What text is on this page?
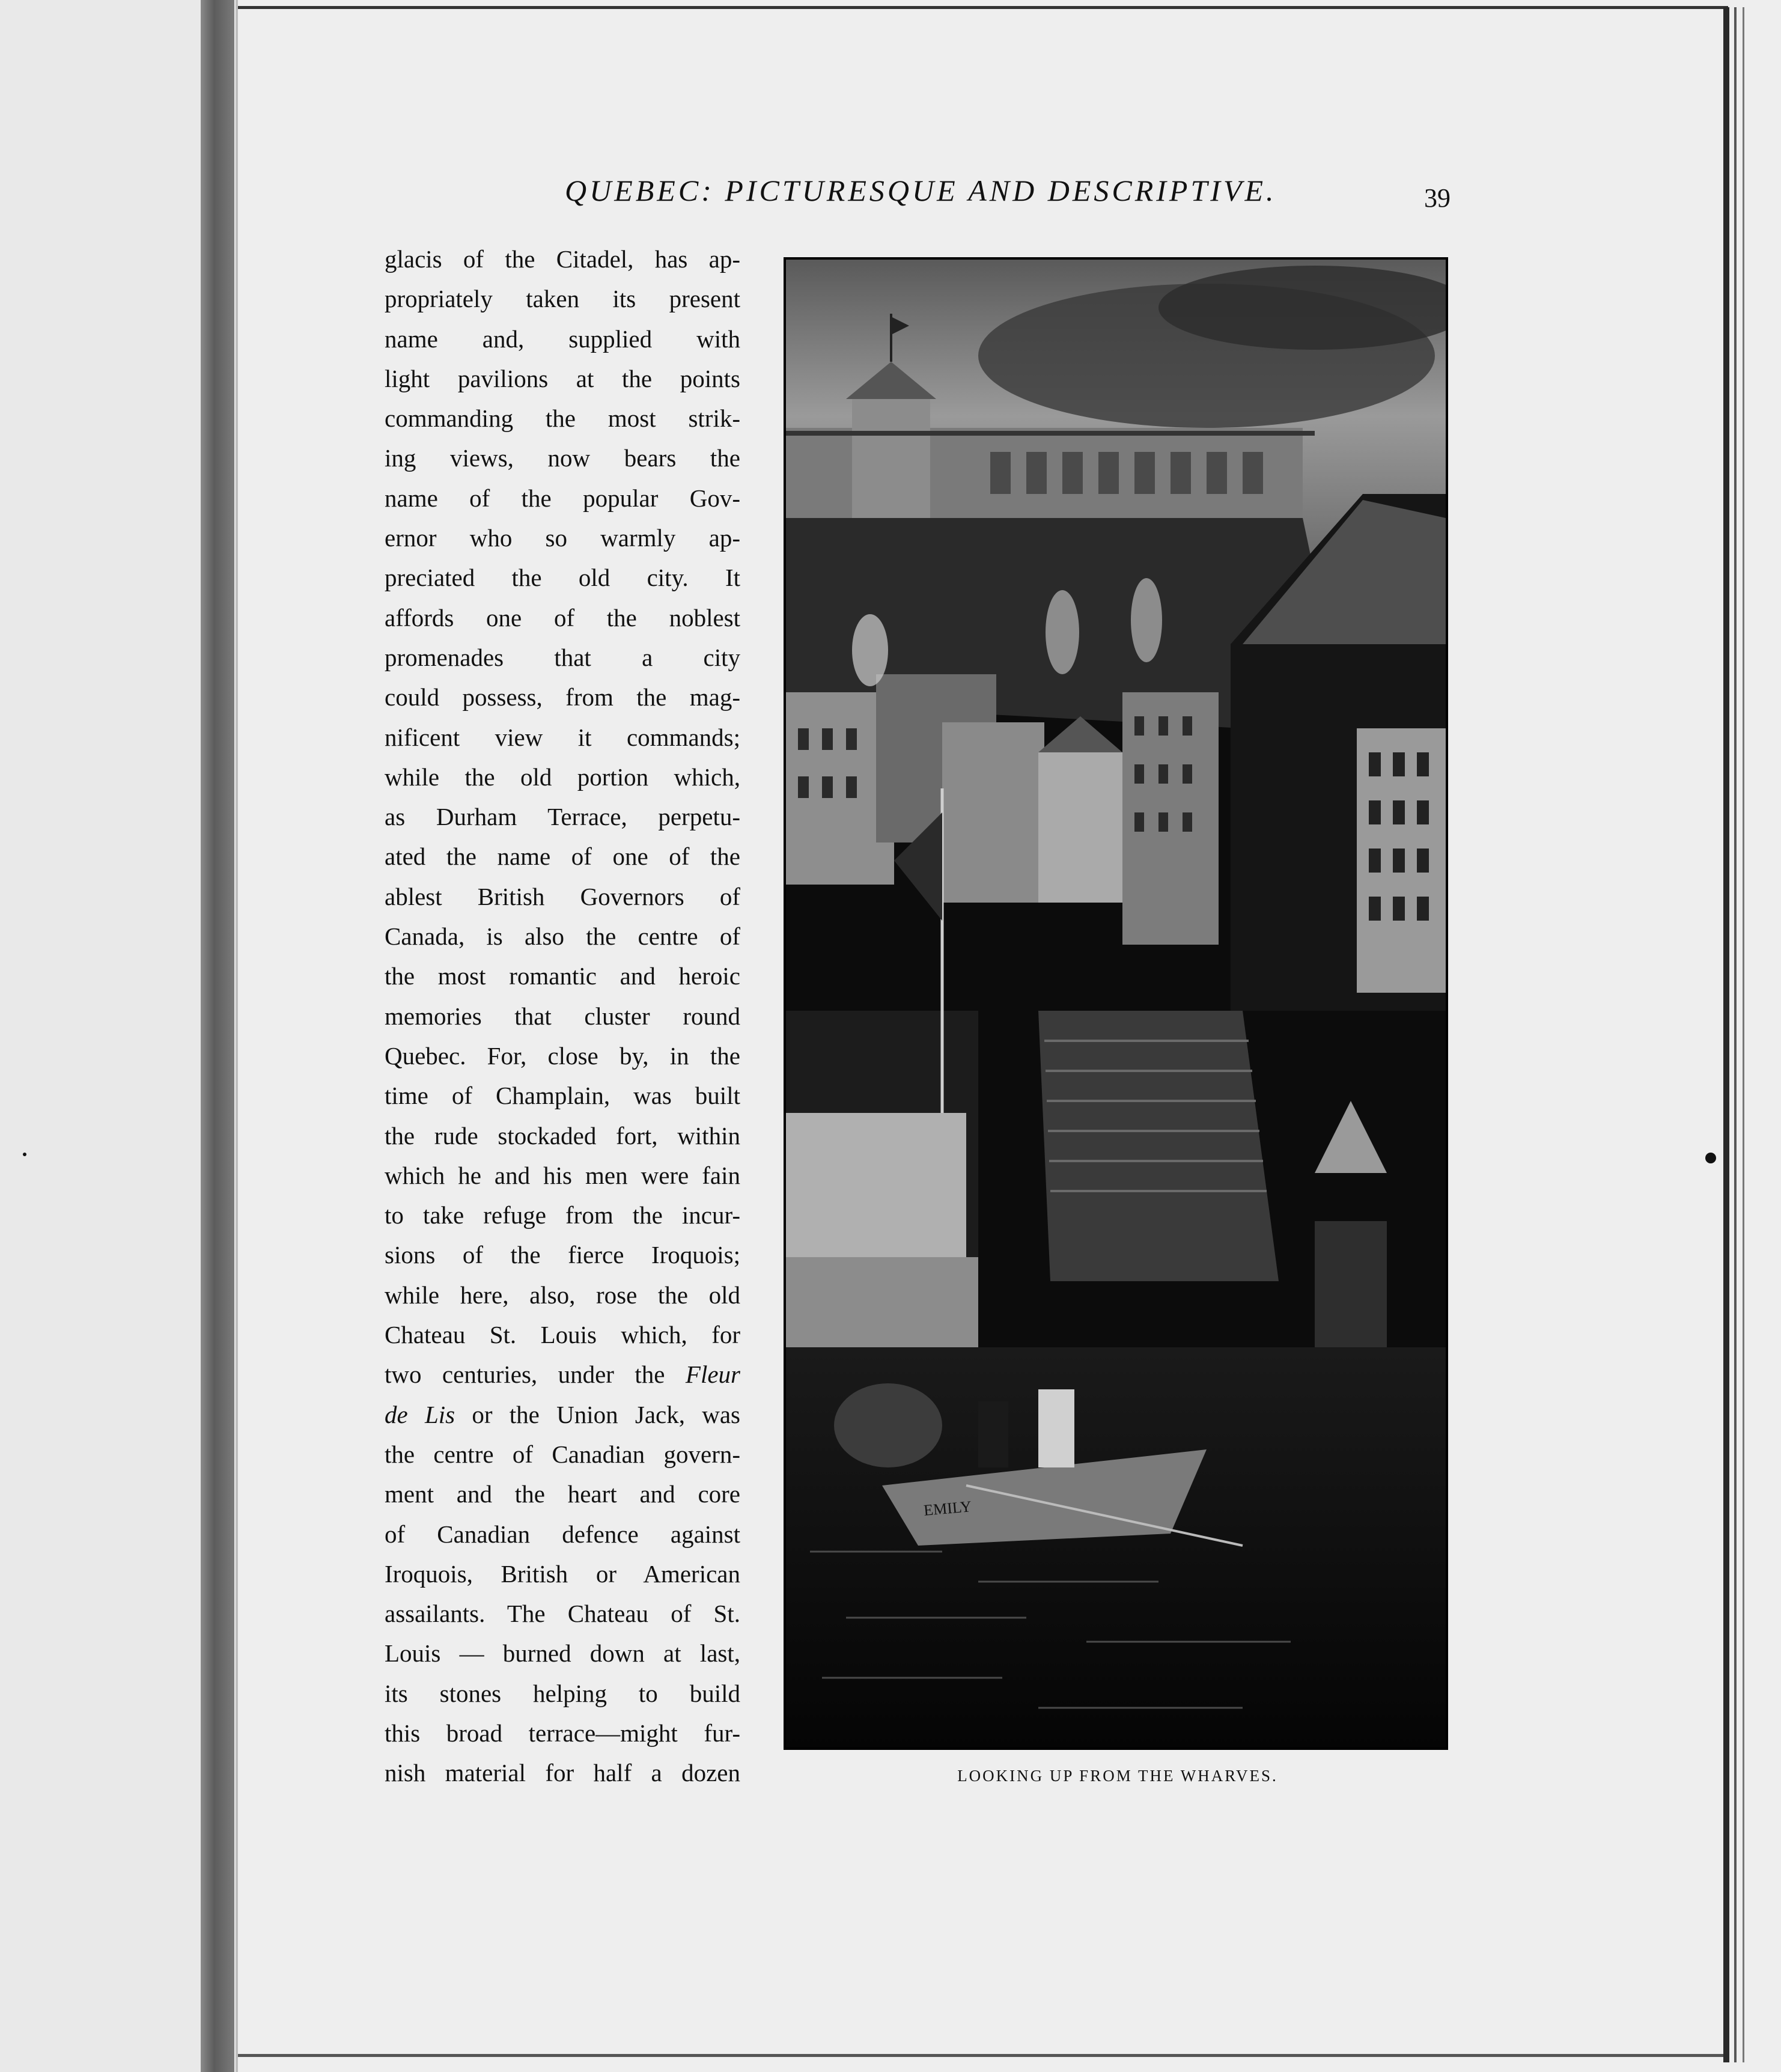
QUEBEC: PICTURESQUE AND DESCRIPTIVE.	39
glacis of the Citadel, has ap-
propriately taken its present
name and, supplied with
light pavilions at the points
commanding the most strik-
ing views, now bears the
name of the popular Gov-
ernor who so warmly ap-
preciated the old city. It
affords one of the noblest
promenades that a city
could possess, from the mag-
nificent view it commands;
while the old portion which,
as Durham Terrace, perpetu-
ated the name of one of the
ablest British Governors of
Canada, is also the centre of
the most romantic and heroic
memories that cluster round
Quebec. For, close by, in the
time of Champlain, was built
the rude stockaded fort, within
which he and his men were fain
to take refuge from the incur-
sions of the fierce Iroquois;
while here, also, rose the old
Chateau St. Louis which, for
two centuries, under the Fleur
de Lis or the Union Jack, was
the centre of Canadian govern-
ment and the heart and core
of Canadian defence against
Iroquois, British or American
assailants. The Chateau of St.
Louis — burned down at last,
its stones helping to build
this broad terrace—might fur-
nish material for half a dozen
EMILY
LOOKING UP FROM THE WHARVES.
